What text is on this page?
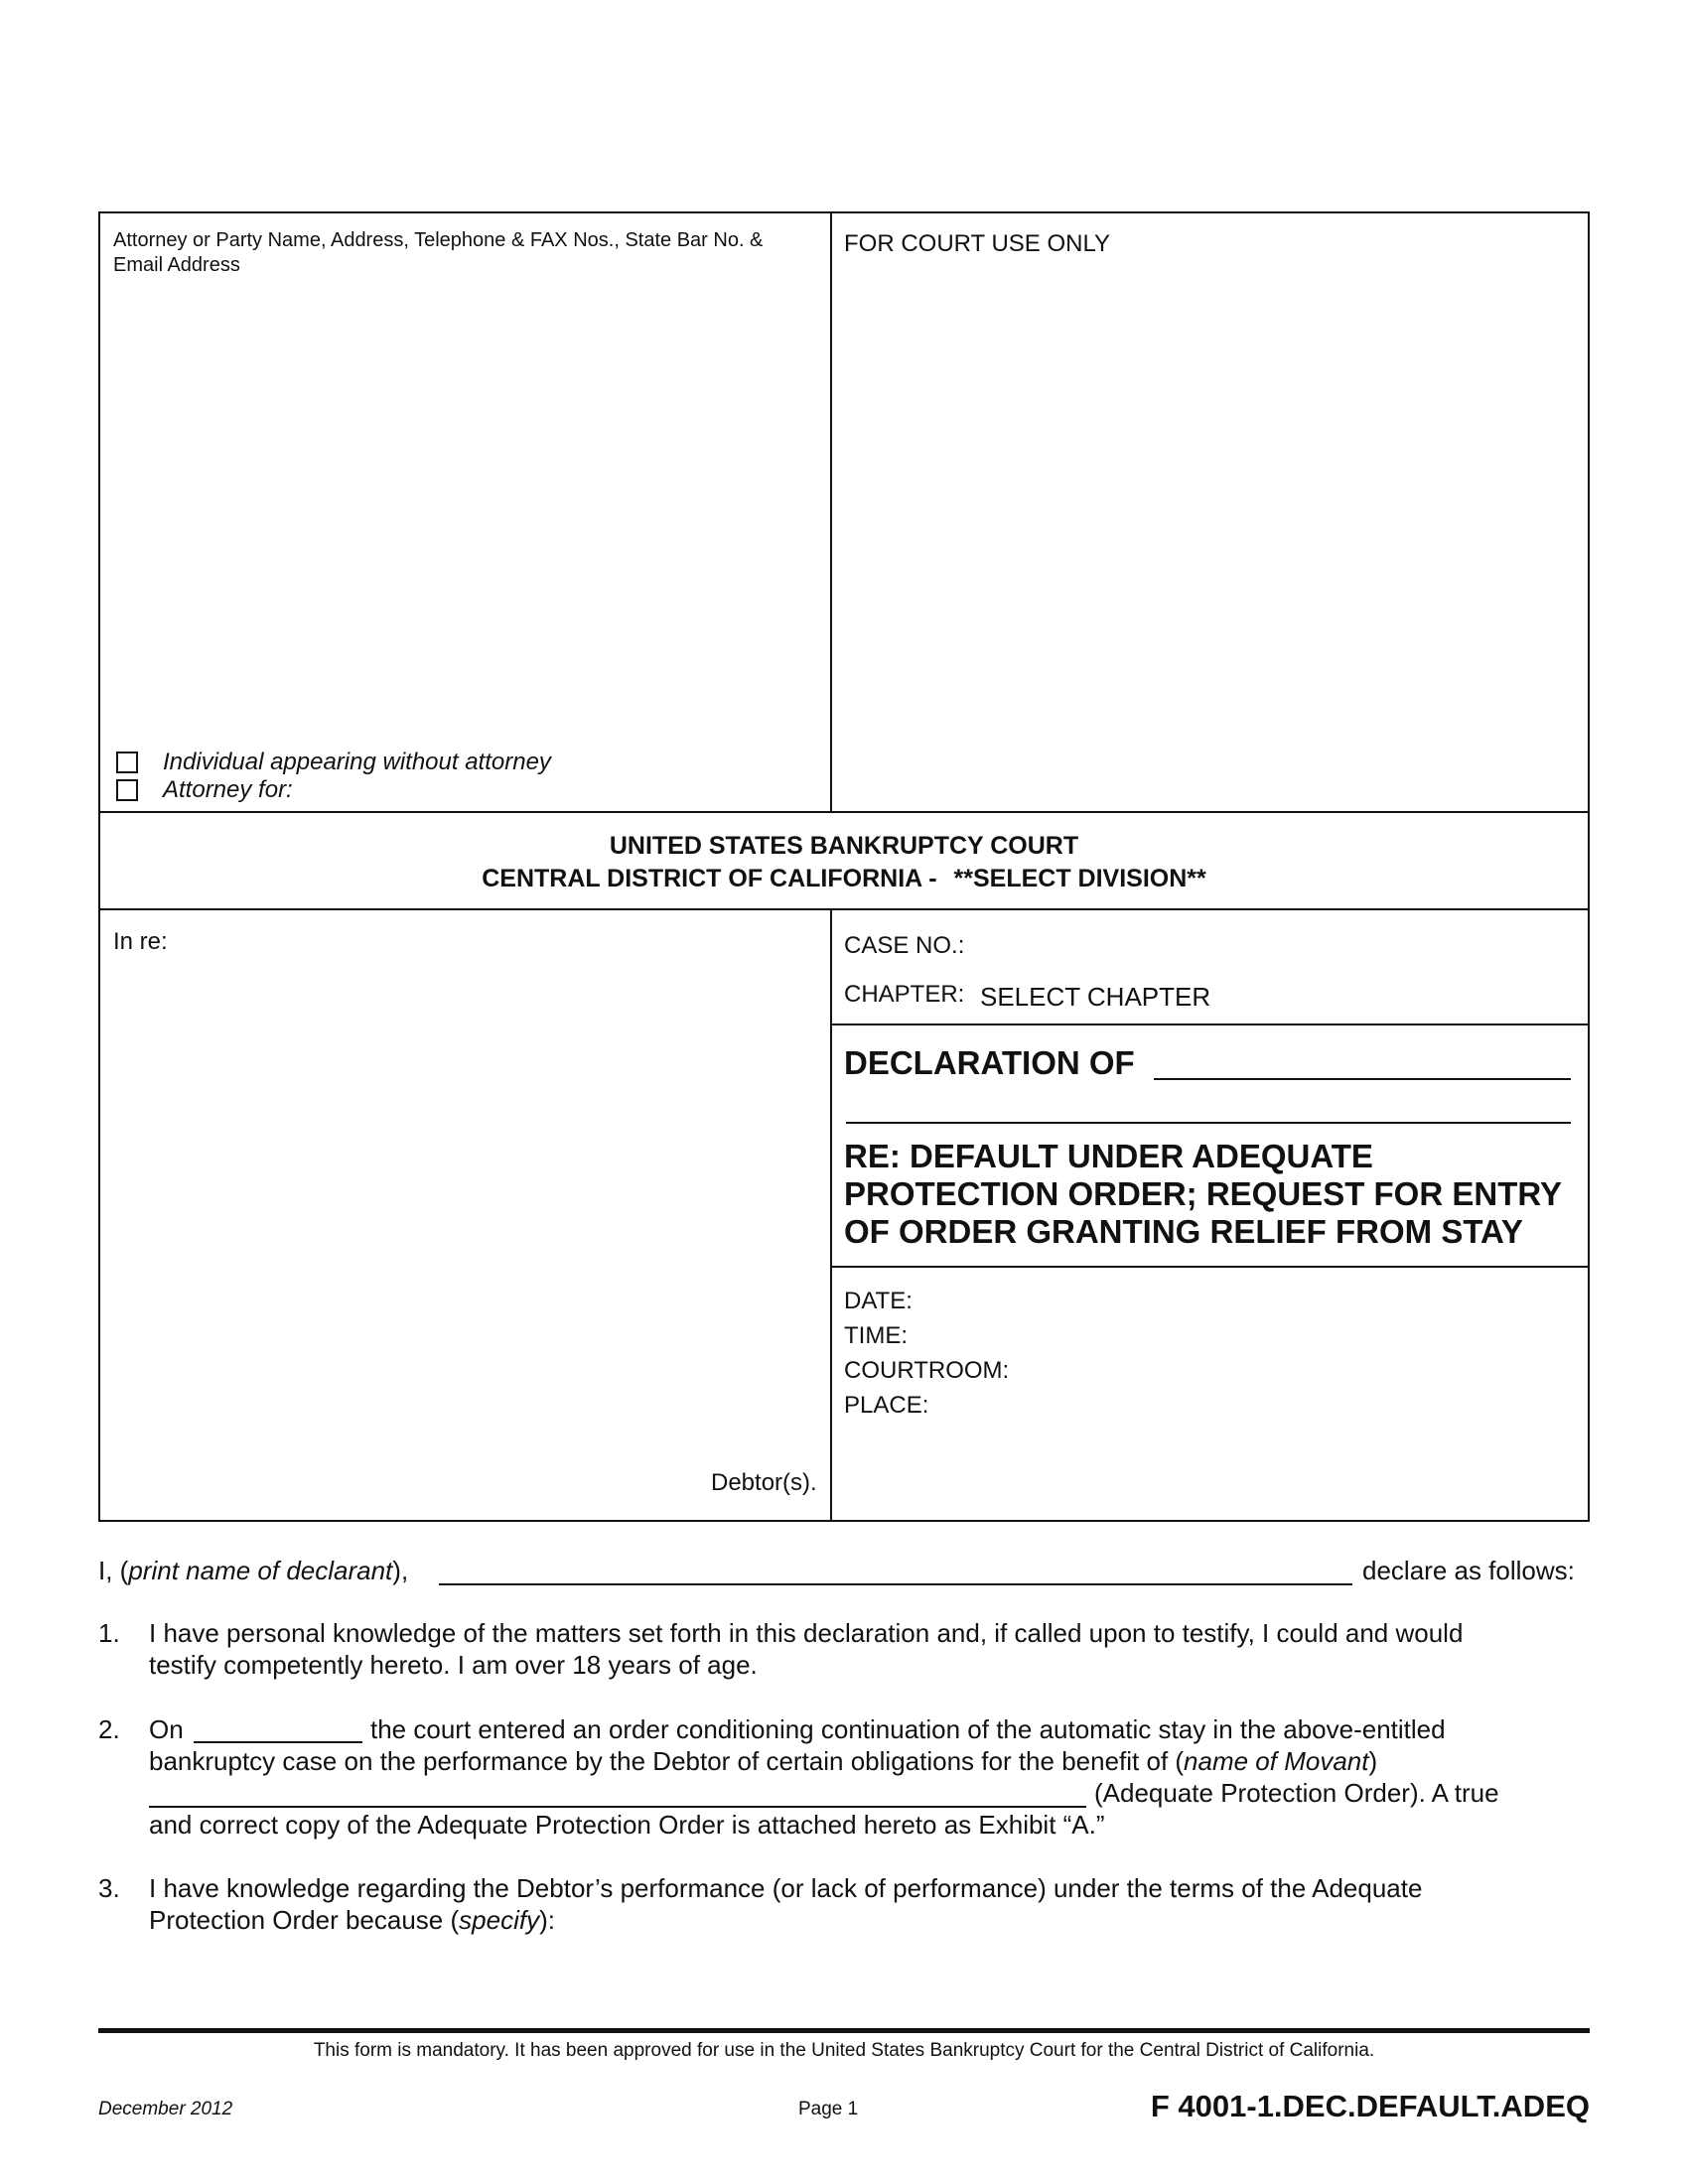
Attorney or Party Name, Address, Telephone & FAX Nos., State Bar No. & Email Address
FOR COURT USE ONLY
Individual appearing without attorney
Attorney for:
UNITED STATES BANKRUPTCY COURT
CENTRAL DISTRICT OF CALIFORNIA - **SELECT DIVISION**
In re:
Debtor(s).
CASE NO.:
CHAPTER: SELECT CHAPTER
DECLARATION OF
RE: DEFAULT UNDER ADEQUATE
PROTECTION ORDER; REQUEST FOR ENTRY
OF ORDER GRANTING RELIEF FROM STAY
DATE:
TIME:
COURTROOM:
PLACE:
I, (print name of declarant),	declare as follows:
1. I have personal knowledge of the matters set forth in this declaration and, if called upon to testify, I could and would
testify competently hereto. I am over 18 years of age.
2. On	the court entered an order conditioning continuation of the automatic stay in the above-entitled
bankruptcy case on the performance by the Debtor of certain obligations for the benefit of (name of Movant)
(Adequate Protection Order). A true
and correct copy of the Adequate Protection Order is attached hereto as Exhibit “A.”
3. I have knowledge regarding the Debtor’s performance (or lack of performance) under the terms of the Adequate
Protection Order because (specify):
This form is mandatory. It has been approved for use in the United States Bankruptcy Court for the Central District of California.
December 2012	Page 1	F 4001-1.DEC.DEFAULT.ADEQ
